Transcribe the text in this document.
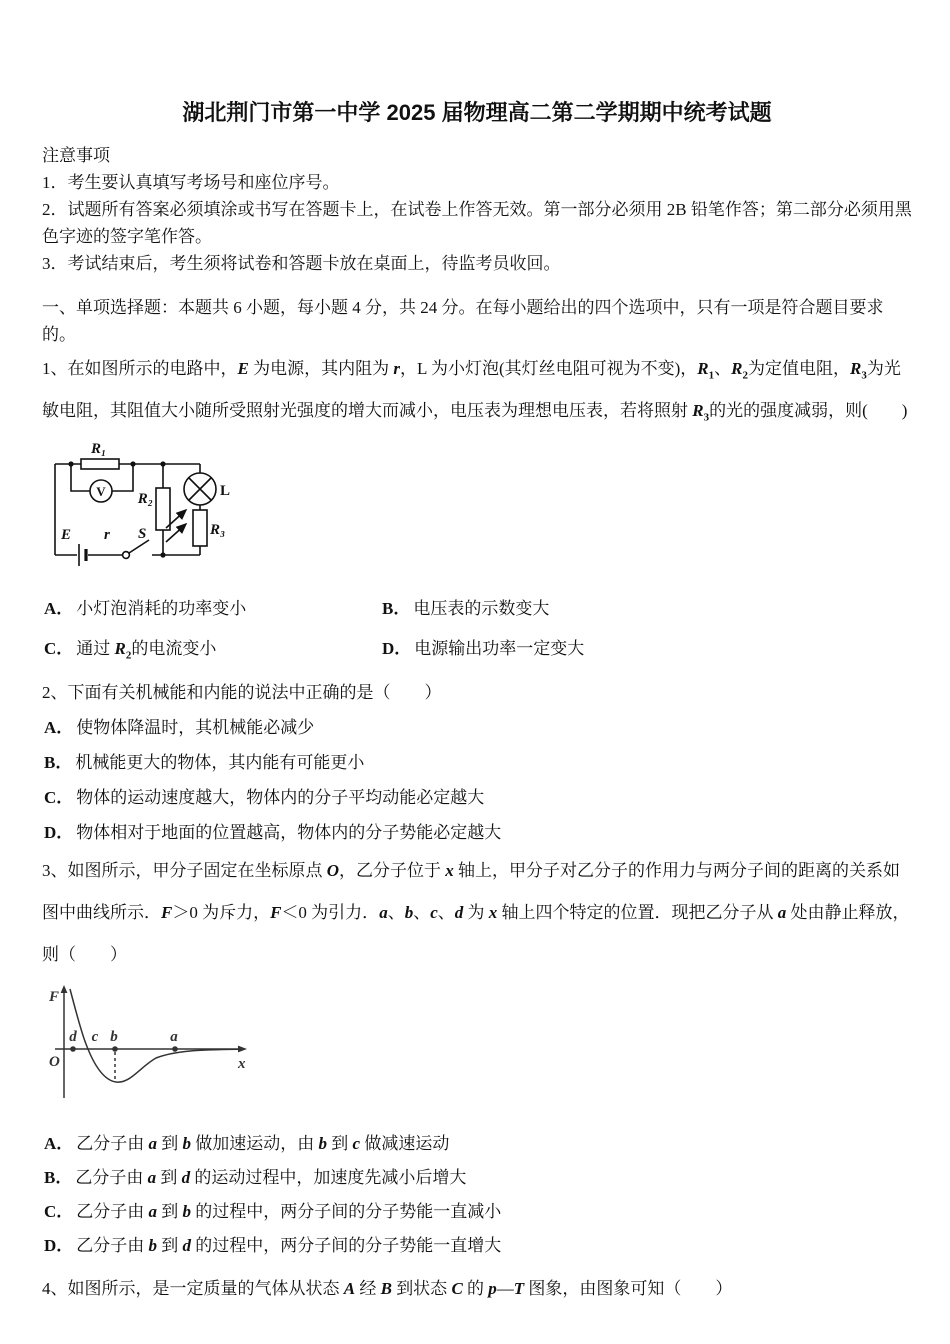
湖北荆门市第一中学 2025 届物理高二第二学期期中统考试题
注意事项
1．考生要认真填写考场号和座位序号。
2．试题所有答案必须填涂或书写在答题卡上，在试卷上作答无效。第一部分必须用 2B 铅笔作答；第二部分必须用黑色字迹的签字笔作答。
3．考试结束后，考生须将试卷和答题卡放在桌面上，待监考员收回。
一、单项选择题：本题共 6 小题，每小题 4 分，共 24 分。在每小题给出的四个选项中，只有一项是符合题目要求的。
1、在如图所示的电路中，E 为电源，其内阻为 r，L 为小灯泡(其灯丝电阻可视为不变)，$R_1$、$R_2$为定值电阻，$R_3$为光敏电阻，其阻值大小随所受照射光强度的增大而减小，电压表为理想电压表，若将照射 $R_3$的光的强度减弱，则(　　)
R₁
V R₂	L
R₃
E r S
A． 小灯泡消耗的功率变小	B． 电压表的示数变大
C． 通过 $R_2$的电流变小	D． 电源输出功率一定变大
2、下面有关机械能和内能的说法中正确的是（　　）
A． 使物体降温时，其机械能必减少
B． 机械能更大的物体，其内能有可能更小
C． 物体的运动速度越大，物体内的分子平均动能必定越大
D． 物体相对于地面的位置越高，物体内的分子势能必定越大
3、如图所示，甲分子固定在坐标原点 O，乙分子位于 x 轴上，甲分子对乙分子的作用力与两分子间的距离的关系如图中曲线所示．F＞0 为斥力，F＜0 为引力．a、b、c、d 为 x 轴上四个特定的位置．现把乙分子从 a 处由静止释放，则（　　）
d c b	a
F
O	x
A． 乙分子由 a 到 b 做加速运动，由 b 到 c 做减速运动
B． 乙分子由 a 到 d 的运动过程中，加速度先减小后增大
C． 乙分子由 a 到 b 的过程中，两分子间的分子势能一直减小
D． 乙分子由 b 到 d 的过程中，两分子间的分子势能一直增大
4、如图所示，是一定质量的气体从状态 A 经 B 到状态 C 的 p—T 图象，由图象可知（　　）
